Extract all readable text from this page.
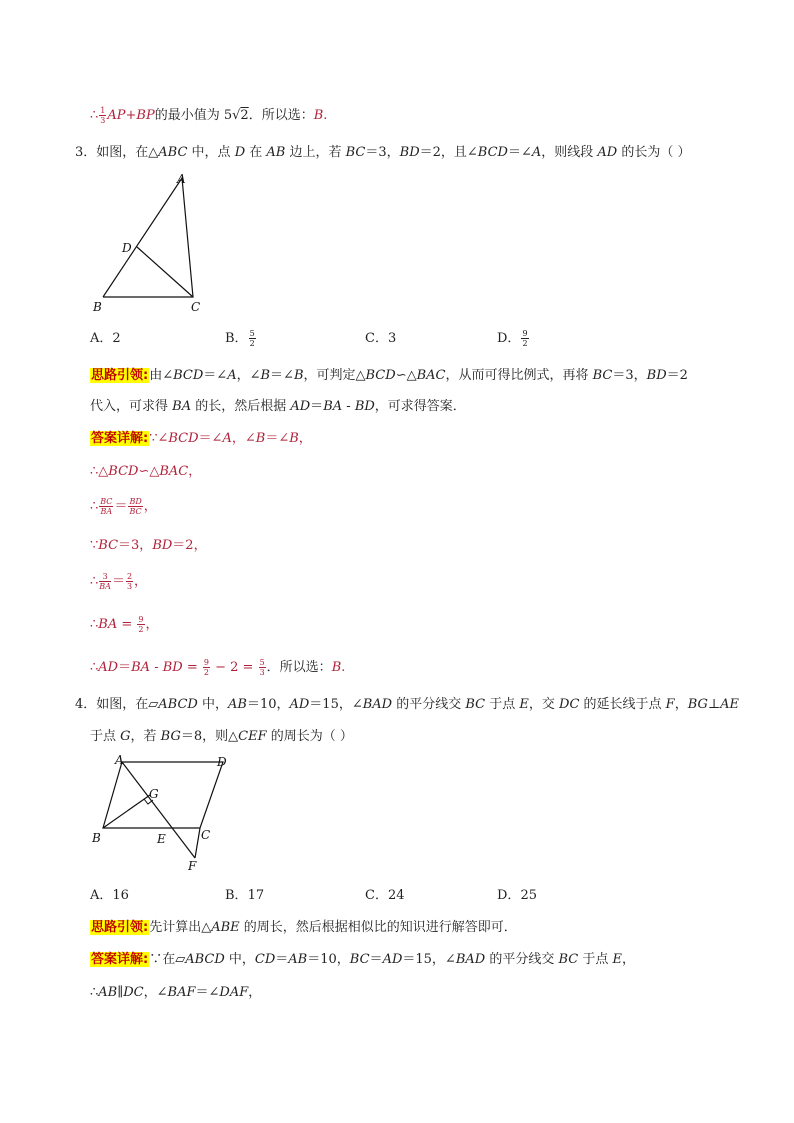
∴ $\frac{1}{3} AP+BP$的最小值为 5√2．所以选：B.
3．如图，在△ABC 中，点 D 在 AB 边上，若 BC＝3，BD＝2，且∠BCD＝∠A，则线段 AD 的长为（ ）
A
D
B	C
A．2	B． $\frac{5}{2}$	C．3	D． $\frac{9}{2}$
思路引领:由∠BCD＝∠A，∠B＝∠B，可判定△BCD∽△BAC，从而可得比例式，再将 BC＝3，BD＝2
代入，可求得 BA 的长，然后根据 AD＝BA - BD，可求得答案．
答案详解:∵∠BCD＝∠A，∠B＝∠B，
∴△BCD∽△BAC，
∴ $\frac{BC}{BA} = \frac{BD}{BC}$ ，
∵BC＝3，BD＝2，
∴ $\frac{3}{BA} = \frac{2}{3}$ ，
∴BA = $\frac{9}{2}$ ，
∴AD＝BA - BD = $\frac{9}{2} - 2 = \frac{5}{3}$ ．所以选：B.
4．如图，在▱ABCD 中，AB＝10，AD＝15，∠BAD 的平分线交 BC 于点 E，交 DC 的延长线于点 F，BG⊥AE
于点 G，若 BG＝8，则△CEF 的周长为（ ）
A	D
G
B	E	C
F
A．16	B．17	C．24	D．25
思路引领:先计算出△ABE 的周长，然后根据相似比的知识进行解答即可．
答案详解:∵在▱ABCD 中，CD＝AB＝10，BC＝AD＝15，∠BAD 的平分线交 BC 于点 E，
∴AB∥DC，∠BAF＝∠DAF，
